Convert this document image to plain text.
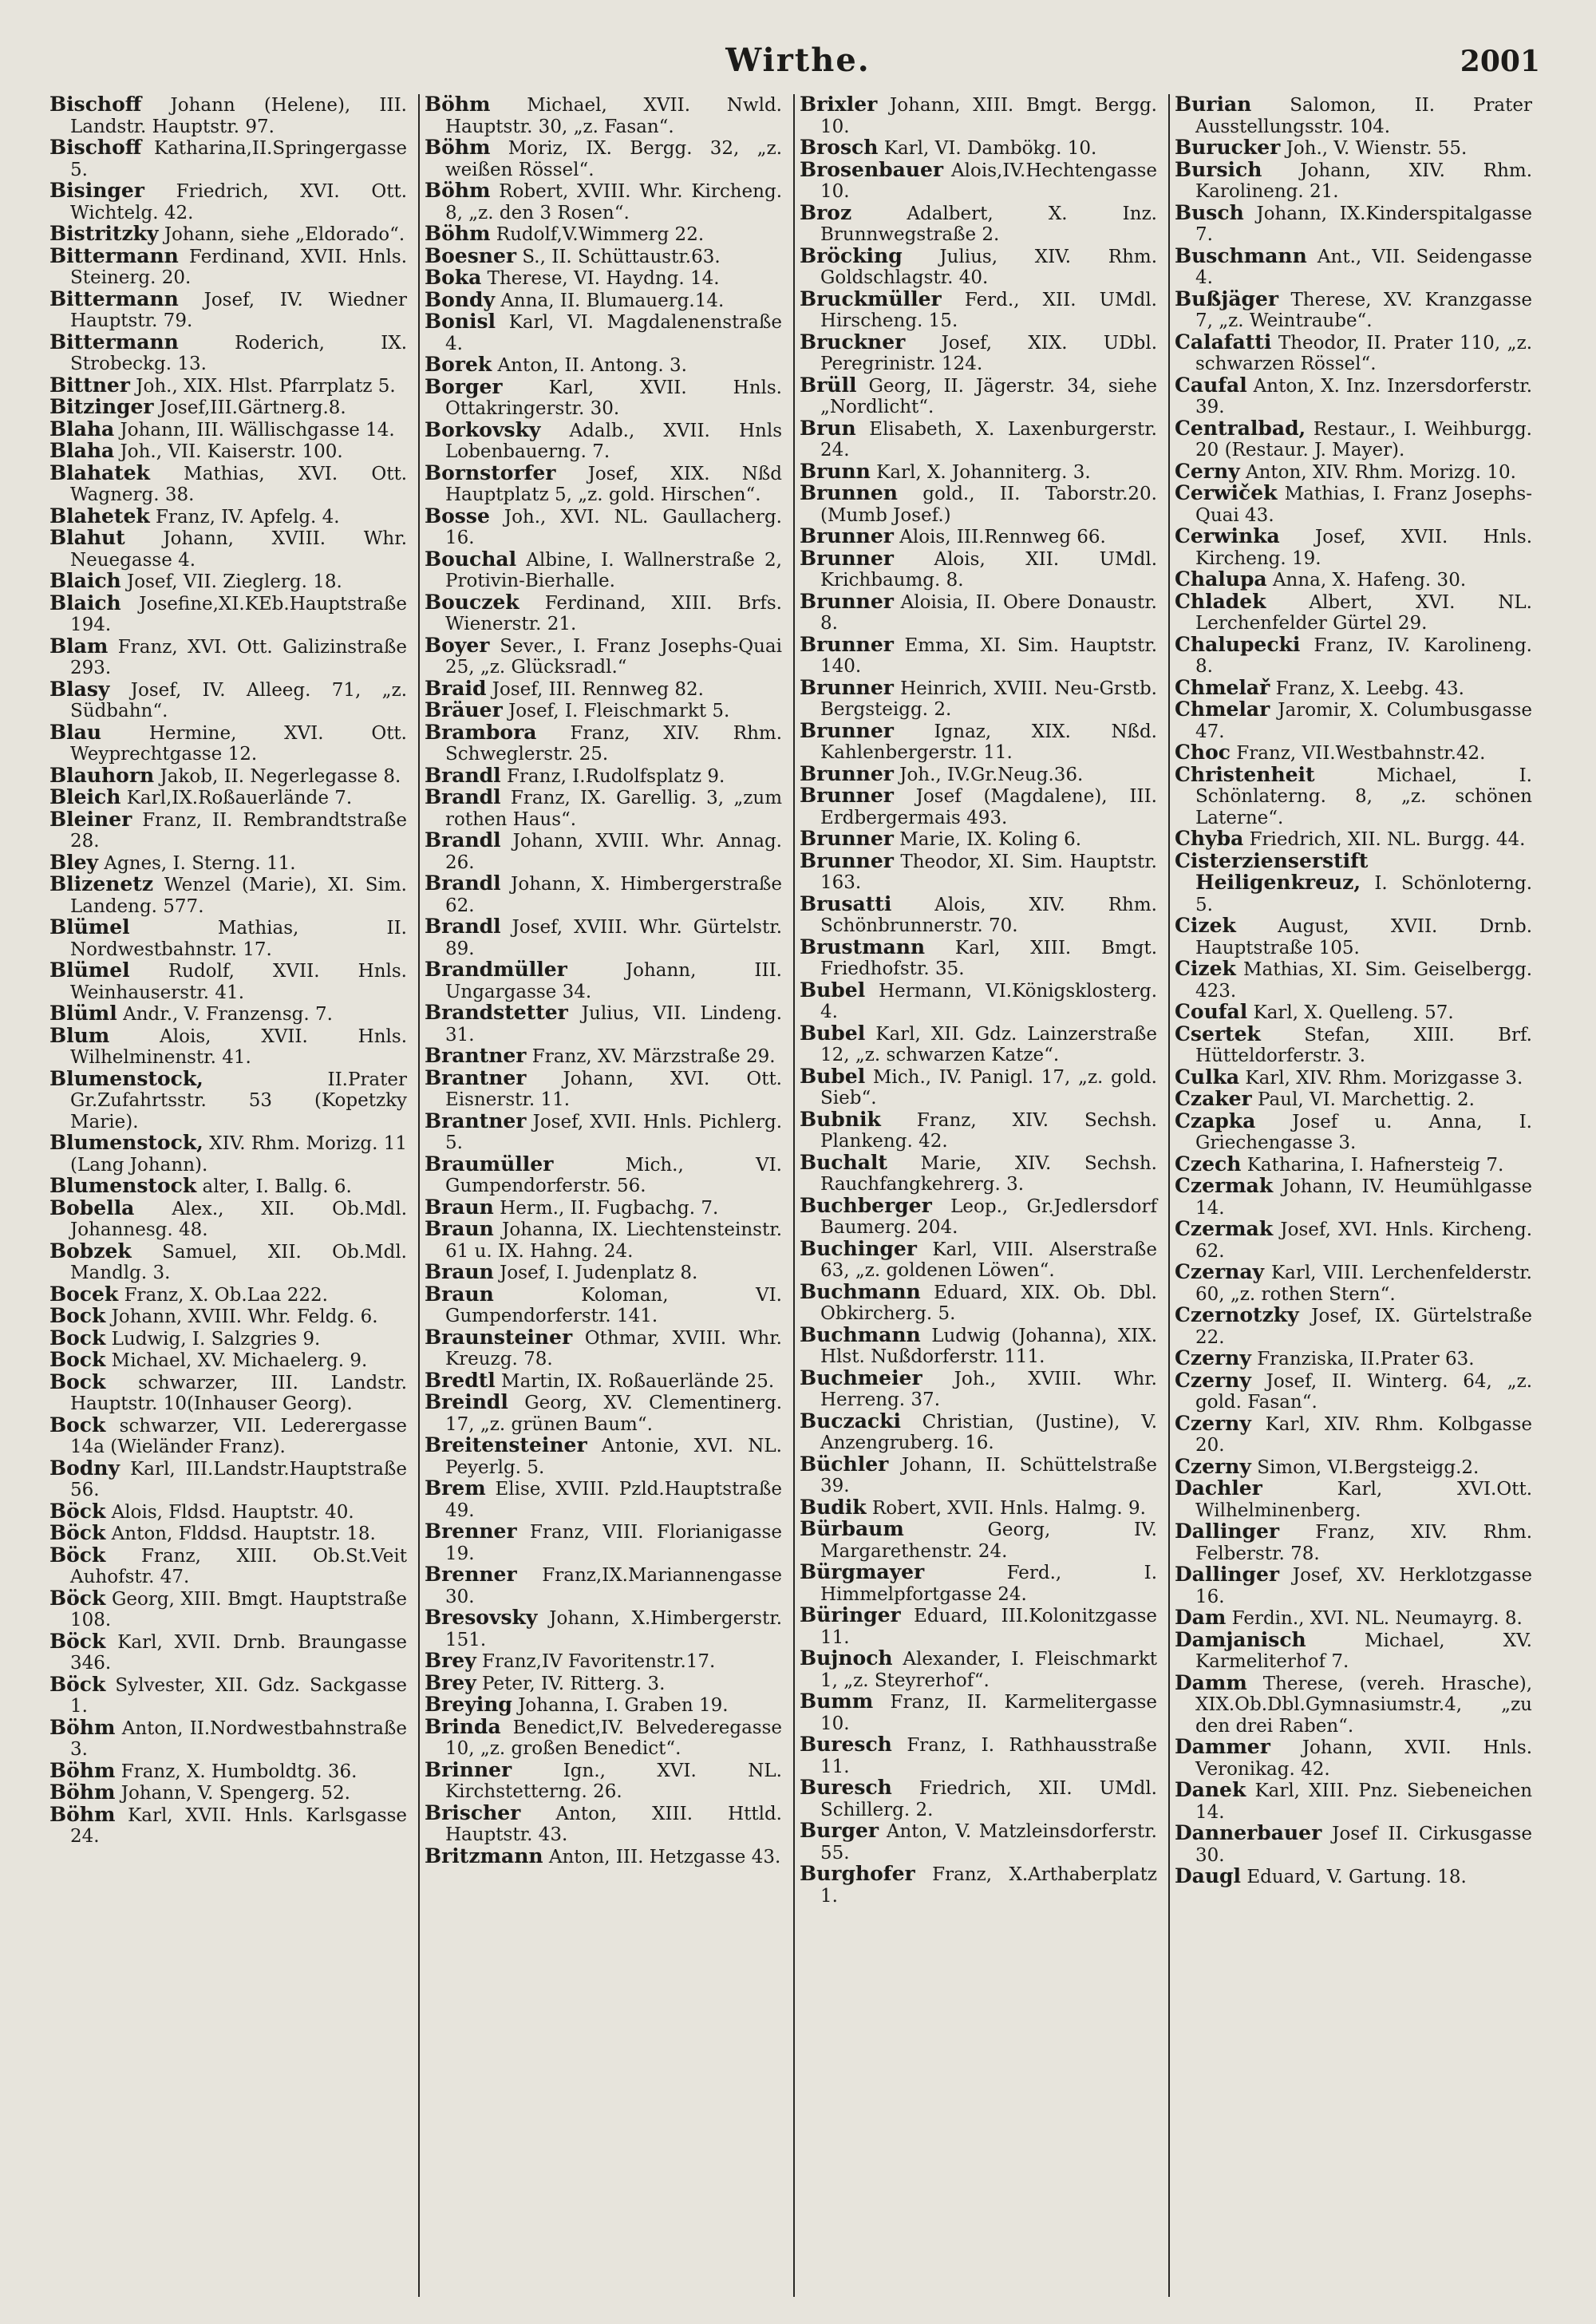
Wirthe.	2001

Bischoff Johann (Helene), III. Landstr. Hauptstr. 97.

Bischoff Katharina,II.Springergasse 5.

Bisinger Friedrich, XVI. Ott. Wichtelg. 42.

Bistritzky Johann, siehe „Eldorado“.

Bittermann Ferdinand, XVII. Hnls. Steinerg. 20.

Bittermann Josef, IV. Wiedner Hauptstr. 79.

Bittermann	Roderich, IX. Strobeckg. 13.

Bittner Joh., XIX. Hlst. Pfarrplatz 5.

Bitzinger Josef,III.Gärtnerg.8.

Blaha Johann, III. Wällischgasse 14.

Blaha Joh., VII. Kaiserstr. 100.

Blahatek Mathias, XVI. Ott. Wagnerg. 38.

Blahetek Franz, IV. Apfelg. 4.

Blahut Johann, XVIII. Whr. Neuegasse 4.

Blaich Josef, VII. Zieglerg. 18.

Blaich Josefine,XI.KEb.Hauptstraße 194.

Blam Franz, XVI. Ott. Galizinstraße 293.

Blasy Josef, IV. Alleeg. 71, „z. Südbahn“.

Blau	Hermine, XVI. Ott. Weyprechtgasse 12.

Blauhorn Jakob, II. Negerlegasse 8.

Bleich Karl,IX.Roßauerlände 7.

Bleiner Franz, II. Rembrandtstraße 28.

Bley Agnes, I. Sterng. 11.

Blizenetz Wenzel (Marie), XI. Sim. Landeng. 577.

Blümel	Mathias, II. Nordwestbahnstr. 17.

Blümel Rudolf, XVII. Hnls. Weinhauserstr. 41.

Blüml Andr., V. Franzensg. 7.

Blum	Alois, XVII. Hnls. Wilhelminenstr. 41.

Blumenstock,	II.Prater Gr.Zufahrtsstr. 53 (Kopetzky Marie).

Blumenstock, XIV. Rhm. Morizg. 11 (Lang Johann).

Blumenstock alter, I. Ballg. 6.

Bobella Alex., XII. Ob.Mdl. Johannesg. 48.

Bobzek Samuel, XII. Ob.Mdl. Mandlg. 3.

Bocek Franz, X. Ob.Laa 222.

Bock Johann, XVIII. Whr. Feldg. 6.

Bock Ludwig, I. Salzgries 9.

Bock Michael, XV. Michaelerg. 9.

Bock schwarzer, III. Landstr. Hauptstr. 10(Inhauser Georg).

Bock schwarzer, VII. Lederergasse 14a (Wieländer Franz).

Bodny Karl, III.Landstr.Hauptstraße 56.

Böck Alois, Fldsd. Hauptstr. 40.

Böck Anton, Flddsd. Hauptstr. 18.

Böck Franz, XIII. Ob.St.Veit Auhofstr. 47.

Böck Georg, XIII. Bmgt. Hauptstraße 108.

Böck Karl, XVII. Drnb. Braungasse 346.

Böck Sylvester, XII. Gdz. Sackgasse 1.

Böhm Anton, II.Nordwestbahnstraße 3.

Böhm Franz, X. Humboldtg. 36.

Böhm Johann, V. Spengerg. 52.

Böhm Karl, XVII. Hnls. Karlsgasse 24.

Böhm Michael, XVII. Nwld. Hauptstr. 30, „z. Fasan“.

Böhm Moriz, IX. Bergg. 32, „z. weißen Rössel“.

Böhm Robert, XVIII. Whr. Kircheng. 8, „z. den 3 Rosen“.

Böhm Rudolf,V.Wimmerg 22.

Boesner S., II. Schüttaustr.63.

Boka Therese, VI. Haydng. 14.

Bondy Anna, II. Blumauerg.14.

Bonisl Karl, VI. Magdalenenstraße 4.

Borek Anton, II. Antong. 3.

Borger	Karl, XVII. Hnls. Ottakringerstr. 30.

Borkovsky Adalb., XVII. Hnls Lobenbauerng. 7.

Bornstorfer Josef, XIX. Nßd Hauptplatz 5, „z. gold. Hirschen“.

Bosse Joh., XVI. NL. Gaullacherg. 16.

Bouchal Albine, I. Wallnerstraße 2, Protivin-Bierhalle.

Bouczek Ferdinand, XIII. Brfs. Wienerstr. 21.

Boyer Sever., I. Franz Josephs-Quai 25, „z. Glücksradl.“

Braid Josef, III. Rennweg 82.

Bräuer Josef, I. Fleischmarkt 5.

Brambora Franz, XIV. Rhm. Schweglerstr. 25.

Brandl Franz, I.Rudolfsplatz 9.

Brandl Franz, IX. Garellig. 3, „zum rothen Haus“.

Brandl Johann, XVIII. Whr. Annag. 26.

Brandl Johann, X. Himbergerstraße 62.

Brandl Josef, XVIII. Whr. Gürtelstr. 89.

Brandmüller	Johann, III. Ungargasse 34.

Brandstetter Julius, VII. Lindeng. 31.

Brantner Franz, XV. Märzstraße 29.

Brantner Johann, XVI. Ott. Eisnerstr. 11.

Brantner Josef, XVII. Hnls. Pichlerg. 5.

Braumüller	Mich., VI. Gumpendorferstr. 56.

Braun Herm., II. Fugbachg. 7.

Braun Johanna, IX. Liechtensteinstr. 61 u. IX. Hahng. 24.

Braun Josef, I. Judenplatz 8.

Braun	Koloman, VI. Gumpendorferstr. 141.

Braunsteiner Othmar, XVIII. Whr. Kreuzg. 78.

Bredtl Martin, IX. Roßauerlände 25.

Breindl Georg, XV. Clementinerg. 17, „z. grünen Baum“.

Breitensteiner Antonie, XVI. NL. Peyerlg. 5.

Brem Elise, XVIII. Pzld.Hauptstraße 49.

Brenner Franz, VIII. Florianigasse 19.

Brenner Franz,IX.Mariannengasse 30.

Bresovsky Johann, X.Himbergerstr. 151.

Brey Franz,IV Favoritenstr.17.

Brey Peter, IV. Ritterg. 3.

Breying Johanna, I. Graben 19.

Brinda Benedict,IV. Belvederegasse 10, „z. großen Benedict“.

Brinner	Ign., XVI. NL. Kirchstetterng. 26.

Brischer Anton, XIII. Httld. Hauptstr. 43.

Britzmann Anton, III. Hetzgasse 43.

Brixler Johann, XIII. Bmgt. Bergg. 10.

Brosch Karl, VI. Dambökg. 10.

Brosenbauer Alois,IV.Hechtengasse 10.

Broz	Adalbert, X. Inz. Brunnwegstraße 2.

Bröcking Julius, XIV. Rhm. Goldschlagstr. 40.

Bruckmüller Ferd., XII. UMdl. Hirscheng. 15.

Bruckner Josef, XIX. UDbl. Peregrinistr. 124.

Brüll Georg, II. Jägerstr. 34, siehe „Nordlicht“.

Brun Elisabeth, X. Laxenburgerstr. 24.

Brunn Karl, X. Johanniterg. 3.

Brunnen gold., II. Taborstr.20. (Mumb Josef.)

Brunner Alois, III.Rennweg 66.

Brunner Alois, XII. UMdl. Krichbaumg. 8.

Brunner Aloisia, II. Obere Donaustr. 8.

Brunner Emma, XI. Sim. Hauptstr. 140.

Brunner Heinrich, XVIII. Neu-Grstb. Bergsteigg. 2.

Brunner Ignaz, XIX. Nßd. Kahlenbergerstr. 11.

Brunner Joh., IV.Gr.Neug.36.

Brunner Josef (Magdalene), III. Erdbergermais 493.

Brunner Marie, IX. Koling 6.

Brunner Theodor, XI. Sim. Hauptstr. 163.

Brusatti Alois, XIV. Rhm. Schönbrunnerstr. 70.

Brustmann Karl, XIII. Bmgt. Friedhofstr. 35.

Bubel Hermann, VI.Königsklosterg. 4.

Bubel Karl, XII. Gdz. Lainzerstraße 12, „z. schwarzen Katze“.

Bubel Mich., IV. Panigl. 17, „z. gold. Sieb“.

Bubnik Franz, XIV. Sechsh. Plankeng. 42.

Buchalt Marie, XIV. Sechsh. Rauchfangkehrerg. 3.

Buchberger Leop., Gr.Jedlersdorf Baumerg. 204.

Buchinger Karl, VIII. Alserstraße 63, „z. goldenen Löwen“.

Buchmann Eduard, XIX. Ob. Dbl. Obkircherg. 5.

Buchmann Ludwig (Johanna), XIX. Hlst. Nußdorferstr. 111.

Buchmeier Joh., XVIII. Whr. Herreng. 37.

Buczacki Christian, (Justine), V. Anzengruberg. 16.

Büchler Johann, II. Schüttelstraße 39.

Budik Robert, XVII. Hnls. Halmg. 9.

Bürbaum	Georg, IV. Margarethenstr. 24.

Bürgmayer	Ferd., I. Himmelpfortgasse 24.

Büringer Eduard, III.Kolonitzgasse 11.

Bujnoch Alexander, I. Fleischmarkt 1, „z. Steyrerhof“.

Bumm Franz, II. Karmelitergasse 10.

Buresch Franz, I. Rathhausstraße 11.

Buresch Friedrich, XII. UMdl. Schillerg. 2.

Burger Anton, V. Matzleinsdorferstr. 55.

Burghofer Franz, X.Arthaberplatz 1.

Burian Salomon, II. Prater Ausstellungsstr. 104.

Burucker Joh., V. Wienstr. 55.

Bursich Johann, XIV. Rhm. Karolineng. 21.

Busch Johann, IX.Kinderspitalgasse 7.

Buschmann Ant., VII. Seidengasse 4.

Bußjäger Therese, XV. Kranzgasse 7, „z. Weintraube“.

Calafatti Theodor, II. Prater 110, „z. schwarzen Rössel“.

Caufal Anton, X. Inz. Inzersdorferstr. 39.

Centralbad, Restaur., I. Weihburgg. 20 (Restaur. J. Mayer).

Cerny Anton, XIV. Rhm. Morizg. 10.

Cerwiček Mathias, I. Franz Josephs-Quai 43.

Cerwinka Josef, XVII. Hnls. Kircheng. 19.

Chalupa Anna, X. Hafeng. 30.

Chladek Albert, XVI. NL. Lerchenfelder Gürtel 29.

Chalupecki Franz, IV. Karolineng. 8.

Chmelař Franz, X. Leebg. 43.

Chmelar Jaromir, X. Columbusgasse 47.

Choc Franz, VII.Westbahnstr.42.

Christenheit	Michael, I. Schönlaterng. 8, „z. schönen Laterne“.

Chyba Friedrich, XII. NL. Burgg. 44.

Cisterzienserstift Heiligenkreuz, I. Schönloterng. 5.

Cizek August, XVII. Drnb. Hauptstraße 105.

Cizek Mathias, XI. Sim. Geiselbergg. 423.

Coufal Karl, X. Quelleng. 57.

Csertek Stefan, XIII. Brf. Hütteldorferstr. 3.

Culka Karl, XIV. Rhm. Morizgasse 3.

Czaker Paul, VI. Marchettig. 2.

Czapka Josef u. Anna, I. Griechengasse 3.

Czech Katharina, I. Hafnersteig 7.

Czermak Johann, IV. Heumühlgasse 14.

Czermak Josef, XVI. Hnls. Kircheng. 62.

Czernay Karl, VIII. Lerchenfelderstr. 60, „z. rothen Stern“.

Czernotzky Josef, IX. Gürtelstraße 22.

Czerny Franziska, II.Prater 63.

Czerny Josef, II. Winterg. 64, „z. gold. Fasan“.

Czerny Karl, XIV. Rhm. Kolbgasse 20.

Czerny Simon, VI.Bergsteigg.2.

Dachler	Karl, XVI.Ott. Wilhelminenberg.

Dallinger Franz, XIV. Rhm. Felberstr. 78.

Dallinger Josef, XV. Herklotzgasse 16.

Dam Ferdin., XVI. NL. Neumayrg. 8.

Damjanisch	Michael, XV. Karmeliterhof 7.

Damm Therese, (vereh. Hrasche), XIX.Ob.Dbl.Gymnasiumstr.4, „zu den drei Raben“.

Dammer Johann, XVII. Hnls. Veronikag. 42.

Danek Karl, XIII. Pnz. Siebeneichen 14.

Dannerbauer Josef II. Cirkusgasse 30.

Daugl Eduard, V. Gartung. 18.
